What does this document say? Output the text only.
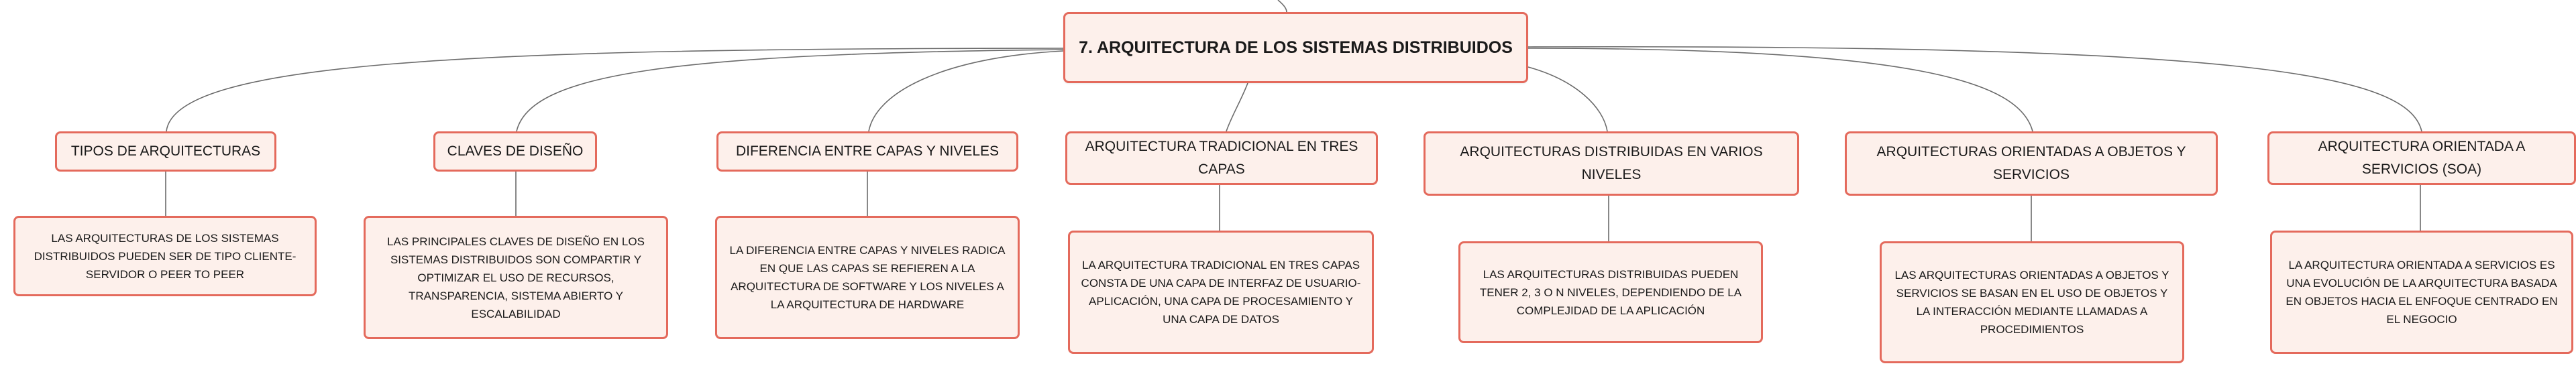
7. ARQUITECTURA DE LOS SISTEMAS DISTRIBUIDOS
TIPOS DE ARQUITECTURAS
LAS ARQUITECTURAS DE LOS SISTEMAS DISTRIBUIDOS PUEDEN SER DE TIPO CLIENTE-SERVIDOR O PEER TO PEER
CLAVES DE DISEÑO
LAS PRINCIPALES CLAVES DE DISEÑO EN LOS SISTEMAS DISTRIBUIDOS SON COMPARTIR Y OPTIMIZAR EL USO DE RECURSOS, TRANSPARENCIA, SISTEMA ABIERTO Y ESCALABILIDAD
DIFERENCIA ENTRE CAPAS Y NIVELES
LA DIFERENCIA ENTRE CAPAS Y NIVELES RADICA EN QUE LAS CAPAS SE REFIEREN A LA ARQUITECTURA DE SOFTWARE Y LOS NIVELES A LA ARQUITECTURA DE HARDWARE
ARQUITECTURA TRADICIONAL EN TRES CAPAS
LA ARQUITECTURA TRADICIONAL EN TRES CAPAS CONSTA DE UNA CAPA DE INTERFAZ DE USUARIO-APLICACIÓN, UNA CAPA DE PROCESAMIENTO Y UNA CAPA DE DATOS
ARQUITECTURAS DISTRIBUIDAS EN VARIOS NIVELES
LAS ARQUITECTURAS DISTRIBUIDAS PUEDEN TENER 2, 3 O N NIVELES, DEPENDIENDO DE LA COMPLEJIDAD DE LA APLICACIÓN
ARQUITECTURAS ORIENTADAS A OBJETOS Y SERVICIOS
LAS ARQUITECTURAS ORIENTADAS A OBJETOS Y SERVICIOS SE BASAN EN EL USO DE OBJETOS Y LA INTERACCIÓN MEDIANTE LLAMADAS A PROCEDIMIENTOS
ARQUITECTURA ORIENTADA A SERVICIOS (SOA)
LA ARQUITECTURA ORIENTADA A SERVICIOS ES UNA EVOLUCIÓN DE LA ARQUITECTURA BASADA EN OBJETOS HACIA EL ENFOQUE CENTRADO EN EL NEGOCIO
